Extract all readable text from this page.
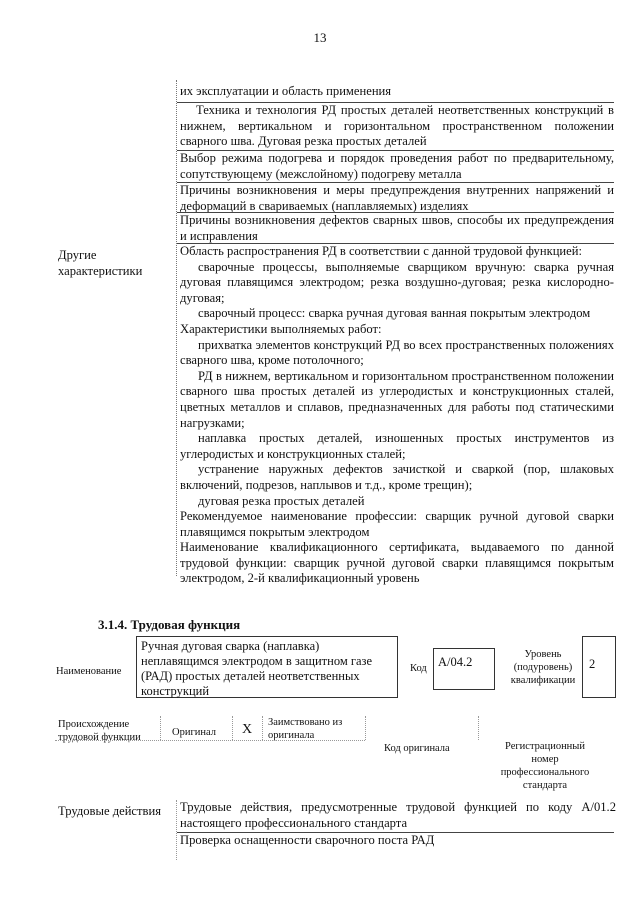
13
их эксплуатации и область применения
Техника и технология РД простых деталей неответственных конструкций в нижнем, вертикальном и горизонтальном пространственном положении сварного шва. Дуговая резка простых деталей
Выбор режима подогрева и порядок проведения работ по предварительному, сопутствующему (межслойному) подогреву металла
Причины возникновения и меры предупреждения внутренних напряжений и деформаций в свариваемых (наплавляемых) изделиях
Причины возникновения дефектов сварных швов, способы их предупреждения и исправления
Другие характеристики

Область распространения РД в соответствии с данной трудовой функцией:

сварочные процессы, выполняемые сварщиком вручную: сварка ручная дуговая плавящимся электродом; резка воздушно-дуговая; резка кислородно-дуговая;

сварочный процесс: сварка ручная дуговая ванная покрытым электродом

Характеристики выполняемых работ:

прихватка элементов конструкций РД во всех пространственных положениях сварного шва, кроме потолочного;

РД в нижнем, вертикальном и горизонтальном пространственном положении сварного шва простых деталей из углеродистых и конструкционных сталей, цветных металлов и сплавов, предназначенных для работы под статическими нагрузками;

наплавка простых деталей, изношенных простых инструментов из углеродистых и конструкционных сталей;

устранение наружных дефектов зачисткой и сваркой (пор, шлаковых включений, подрезов, наплывов и т.д., кроме трещин);

дуговая резка простых деталей

Рекомендуемое наименование профессии: сварщик ручной дуговой сварки плавящимся покрытым электродом

Наименование квалификационного сертификата, выдаваемого по данной трудовой функции: сварщик ручной дуговой сварки плавящимся покрытым электродом, 2-й квалификационный уровень

3.1.4. Трудовая функция
Наименование
Ручная дуговая сварка (наплавка) неплавящимся электродом в защитном газе (РАД) простых деталей неответственных конструкций
Код A/04.2
Уровень (подуровень) квалификации
2
Происхождение трудовой функции	Оригинал X Заимствовано из оригинала
Код оригинала	Регистрационный номер профессионального стандарта
Трудовые действия Трудовые действия, предусмотренные трудовой функцией по коду А/01.2 настоящего профессионального стандарта

Проверка оснащенности сварочного поста РАД
